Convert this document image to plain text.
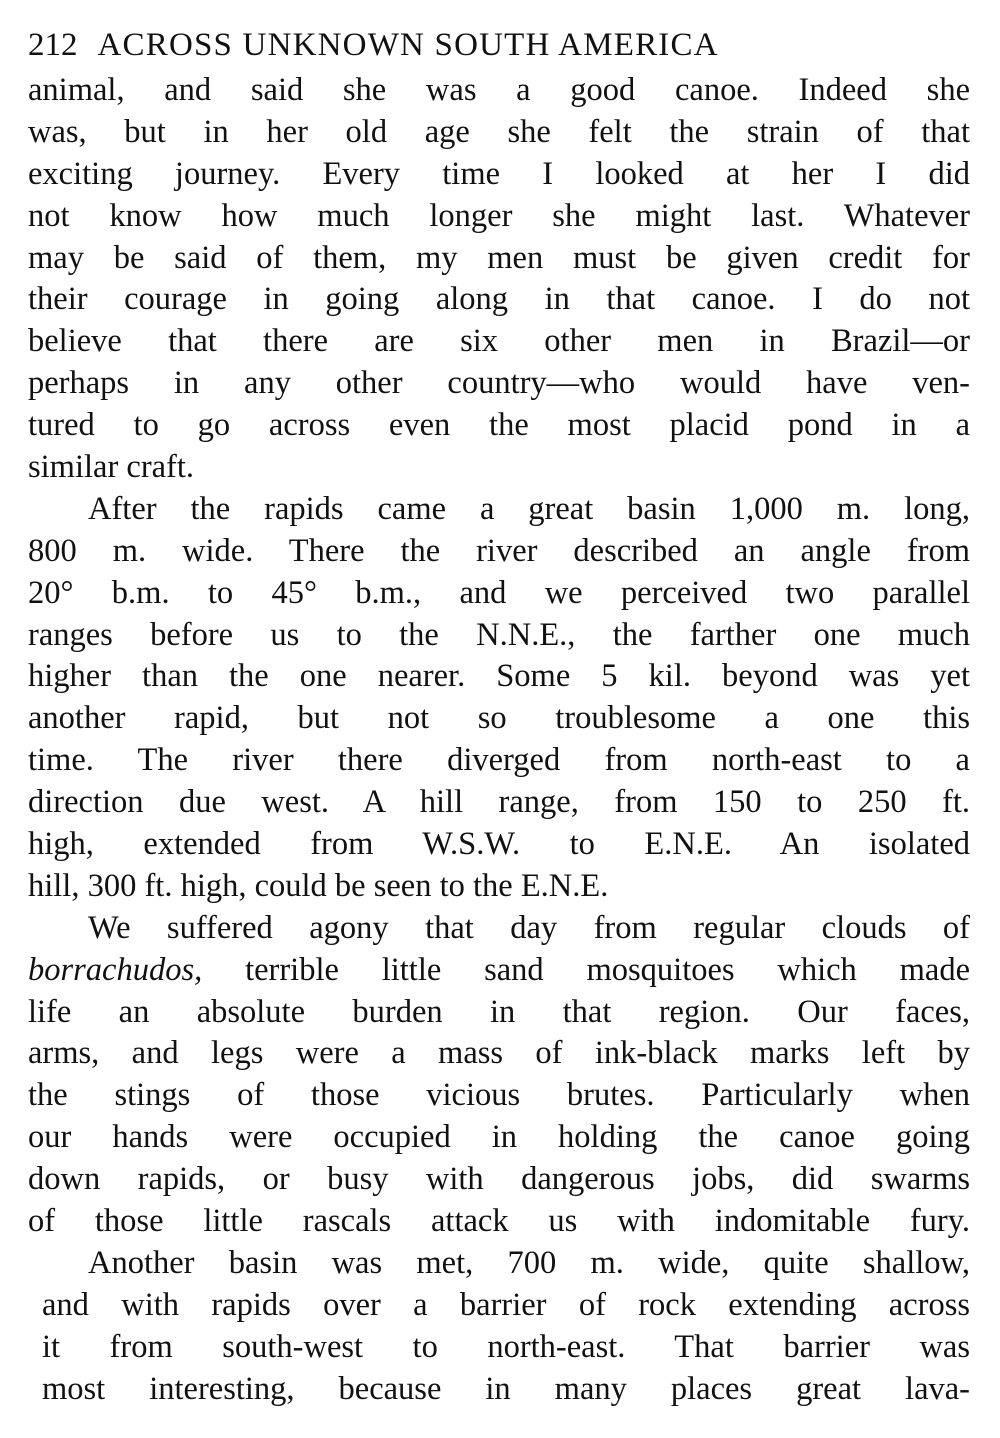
212 ACROSS UNKNOWN SOUTH AMERICA
animal, and said she was a good canoe. Indeed she
was, but in her old age she felt the strain of that
exciting journey. Every time I looked at her I did
not know how much longer she might last. Whatever
may be said of them, my men must be given credit for
their courage in going along in that canoe. I do not
believe that there are six other men in Brazil—or
perhaps in any other country—who would have ven-
tured to go across even the most placid pond in a
similar craft.
After the rapids came a great basin 1,000 m. long,
800 m. wide. There the river described an angle from
20° b.m. to 45° b.m., and we perceived two parallel
ranges before us to the N.N.E., the farther one much
higher than the one nearer. Some 5 kil. beyond was yet
another rapid, but not so troublesome a one this
time. The river there diverged from north-east to a
direction due west. A hill range, from 150 to 250 ft.
high, extended from W.S.W. to E.N.E. An isolated
hill, 300 ft. high, could be seen to the E.N.E.
We suffered agony that day from regular clouds of
borrachudos, terrible little sand mosquitoes which made
life an absolute burden in that region. Our faces,
arms, and legs were a mass of ink-black marks left by
the stings of those vicious brutes. Particularly when
our hands were occupied in holding the canoe going
down rapids, or busy with dangerous jobs, did swarms
of those little rascals attack us with indomitable fury.
Another basin was met, 700 m. wide, quite shallow,
and with rapids over a barrier of rock extending across
it from south-west to north-east. That barrier was
most interesting, because in many places great lava-
